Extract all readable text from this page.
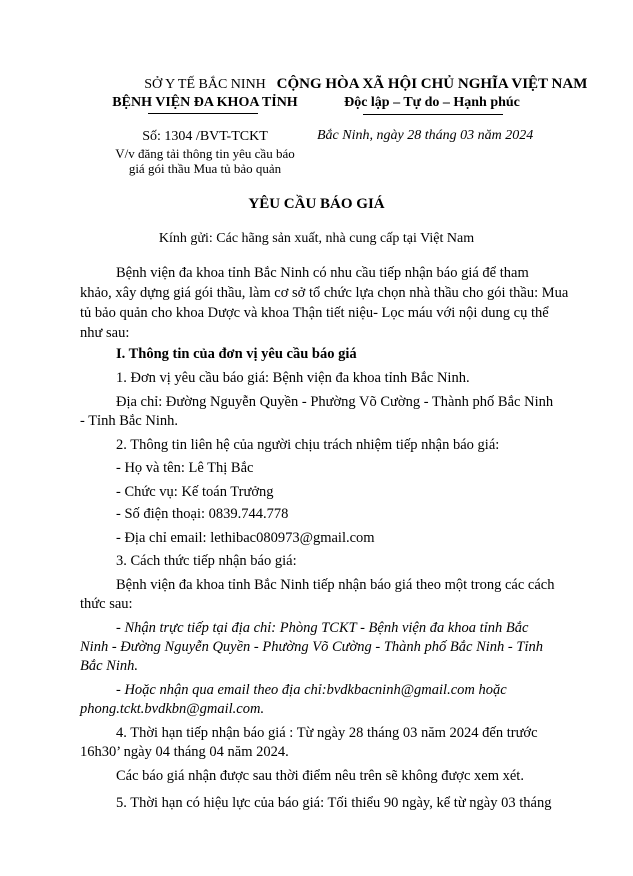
SỞ Y TẾ BẮC NINH
BỆNH VIỆN ĐA KHOA TỈNH
CỘNG HÒA XÃ HỘI CHỦ NGHĨA VIỆT NAM
Độc lập – Tự do – Hạnh phúc
Số: 1304 /BVT-TCKT
V/v đăng tải thông tin yêu cầu báo
giá gói thầu Mua tủ bảo quản
Bắc Ninh, ngày 28 tháng 03 năm 2024
YÊU CẦU BÁO GIÁ
Kính gửi: Các hãng sản xuất, nhà cung cấp tại Việt Nam
Bệnh viện đa khoa tỉnh Bắc Ninh có nhu cầu tiếp nhận báo giá để tham
khảo, xây dựng giá gói thầu, làm cơ sở tổ chức lựa chọn nhà thầu cho gói thầu: Mua
tủ bảo quản cho khoa Dược và khoa Thận tiết niệu- Lọc máu với nội dung cụ thể
như sau:
I. Thông tin của đơn vị yêu cầu báo giá
1. Đơn vị yêu cầu báo giá: Bệnh viện đa khoa tỉnh Bắc Ninh.
Địa chỉ: Đường Nguyễn Quyền - Phường Võ Cường - Thành phố Bắc Ninh
- Tỉnh Bắc Ninh.
2. Thông tin liên hệ của người chịu trách nhiệm tiếp nhận báo giá:
- Họ và tên: Lê Thị Bắc
- Chức vụ: Kế toán Trưởng
- Số điện thoại: 0839.744.778
- Địa chỉ email: lethibac080973@gmail.com
3. Cách thức tiếp nhận báo giá:
Bệnh viện đa khoa tỉnh Bắc Ninh tiếp nhận báo giá theo một trong các cách
thức sau:
- Nhận trực tiếp tại địa chỉ: Phòng TCKT - Bệnh viện đa khoa tỉnh Bắc
Ninh - Đường Nguyễn Quyền - Phường Võ Cường - Thành phố Bắc Ninh - Tỉnh
Bắc Ninh.
- Hoặc nhận qua email theo địa chỉ:bvdkbacninh@gmail.com hoặc
phong.tckt.bvdkbn@gmail.com.
4. Thời hạn tiếp nhận báo giá : Từ ngày 28 tháng 03 năm 2024 đến trước
16h30’ ngày 04 tháng 04 năm 2024.
Các báo giá nhận được sau thời điểm nêu trên sẽ không được xem xét.
5. Thời hạn có hiệu lực của báo giá: Tối thiểu 90 ngày, kể từ ngày 03 tháng
